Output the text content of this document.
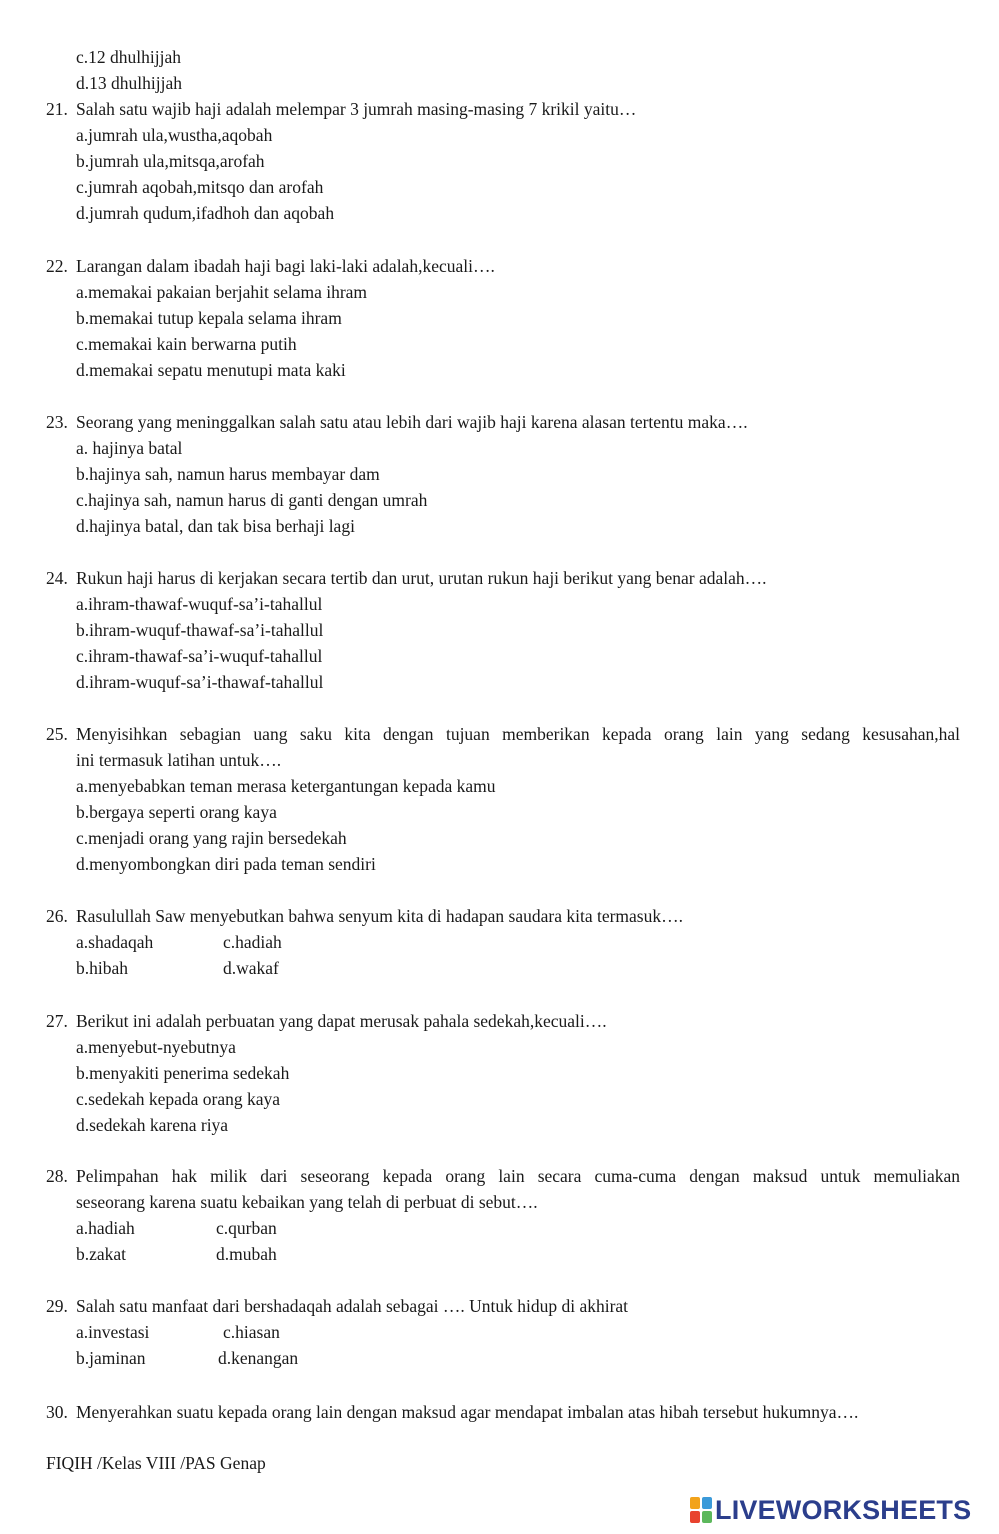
c.12 dhulhijjah
d.13 dhulhijjah
21. Salah satu wajib haji adalah melempar 3 jumrah masing-masing 7 krikil yaitu…
a.jumrah ula,wustha,aqobah
b.jumrah ula,mitsqa,arofah
c.jumrah aqobah,mitsqo dan arofah
d.jumrah qudum,ifadhoh dan aqobah
22. Larangan dalam ibadah haji bagi laki-laki adalah,kecuali….
a.memakai pakaian berjahit selama ihram
b.memakai tutup kepala selama ihram
c.memakai kain berwarna putih
d.memakai sepatu menutupi mata kaki
23. Seorang yang meninggalkan salah satu atau lebih dari wajib haji karena alasan tertentu maka….
a. hajinya batal
b.hajinya sah, namun harus membayar dam
c.hajinya sah, namun harus di ganti dengan umrah
d.hajinya batal, dan tak bisa berhaji lagi
24. Rukun haji harus di kerjakan secara tertib dan urut, urutan rukun haji berikut yang benar adalah….
a.ihram-thawaf-wuquf-sa’i-tahallul
b.ihram-wuquf-thawaf-sa’i-tahallul
c.ihram-thawaf-sa’i-wuquf-tahallul
d.ihram-wuquf-sa’i-thawaf-tahallul
25. Menyisihkan sebagian uang saku kita dengan tujuan memberikan kepada orang lain yang sedang kesusahan,hal
ini termasuk latihan untuk….
a.menyebabkan teman merasa ketergantungan kepada kamu
b.bergaya seperti orang kaya
c.menjadi orang yang rajin bersedekah
d.menyombongkan diri pada teman sendiri
26. Rasulullah Saw menyebutkan bahwa senyum kita di hadapan saudara kita termasuk….
a.shadaqah	c.hadiah
b.hibah	d.wakaf
27. Berikut ini adalah perbuatan yang dapat merusak pahala sedekah,kecuali….
a.menyebut-nyebutnya
b.menyakiti penerima sedekah
c.sedekah kepada orang kaya
d.sedekah karena riya
28. Pelimpahan hak milik dari seseorang kepada orang lain secara cuma-cuma dengan maksud untuk memuliakan
seseorang karena suatu kebaikan yang telah di perbuat di sebut….
a.hadiah	c.qurban
b.zakat	d.mubah
29. Salah satu manfaat dari bershadaqah adalah sebagai …. Untuk hidup di akhirat
a.investasi	c.hiasan
b.jaminan	d.kenangan
30. Menyerahkan suatu kepada orang lain dengan maksud agar mendapat imbalan atas hibah tersebut hukumnya….
FIQIH /Kelas VIII /PAS Genap
LIVEWORKSHEETS
